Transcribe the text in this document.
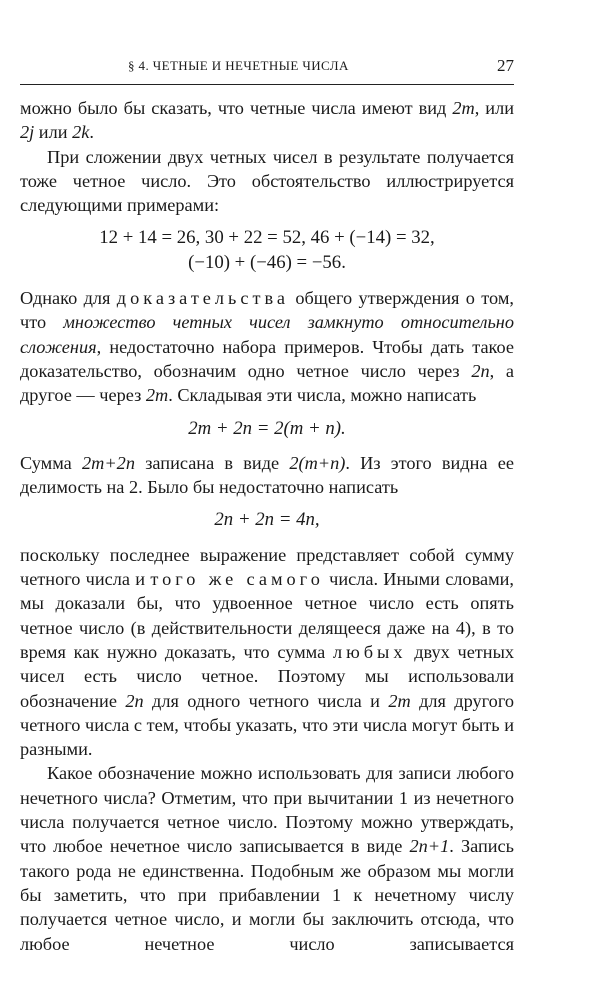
§ 4. ЧЕТНЫЕ И НЕЧЕТНЫЕ ЧИСЛА	27

можно было бы сказать, что четные числа имеют вид 2m, или 2j или 2k.

При сложении двух четных чисел в результате получается тоже четное число. Это обстоятельство иллюстрируется следующими примерами:

12 + 14 = 26, 30 + 22 = 52, 46 + (−14) = 32,
(−10) + (−46) = −56.

Однако для доказательства общего утверждения о том, что множество четных чисел замкнуто относительно сложения, недостаточно набора примеров. Чтобы дать такое доказательство, обозначим одно четное число через 2n, а другое — через 2m. Складывая эти числа, можно написать

2m + 2n = 2(m + n).

Сумма 2m+2n записана в виде 2(m+n). Из этого видна ее делимость на 2. Было бы недостаточно написать

2n + 2n = 4n,

поскольку последнее выражение представляет собой сумму четного числа и того же самого числа. Иными словами, мы доказали бы, что удвоенное четное число есть опять четное число (в действительности делящееся даже на 4), в то время как нужно доказать, что сумма любых двух четных чисел есть число четное. Поэтому мы использовали обозначение 2n для одного четного числа и 2m для другого четного числа с тем, чтобы указать, что эти числа могут быть и разными.

Какое обозначение можно использовать для записи любого нечетного числа? Отметим, что при вычитании 1 из нечетного числа получается четное число. Поэтому можно утверждать, что любое нечетное число записывается в виде 2n+1. Запись такого рода не единственна. Подобным же образом мы могли бы заметить, что при прибавлении 1 к нечетному числу получается четное число, и могли бы заключить отсюда, что любое нечетное число записывается
